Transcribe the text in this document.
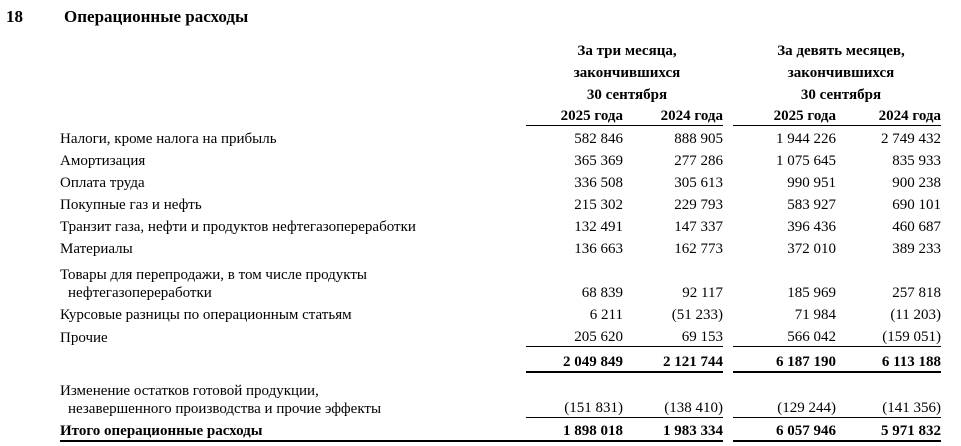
18 Операционные расходы
За три месяца,
закончившихся
30 сентября
За девять месяцев,
закончившихся
30 сентября
	2025 года	2024 года		2025 года	2024 года
Налоги, кроме налога на прибыль	582 846	888 905		1 944 226	2 749 432
Амортизация	365 369	277 286		1 075 645	835 933
Оплата труда	336 508	305 613		990 951	900 238
Покупные газ и нефть	215 302	229 793		583 927	690 101
Транзит газа, нефти и продуктов нефтегазопереработки	132 491	147 337		396 436	460 687
Материалы	136 663	162 773		372 010	389 233

Товары для перепродажи, в том числе продукты
нефтегазопереработки	68 839	92 117		185 969	257 818
Курсовые разницы по операционным статьям	6 211	(51 233)		71 984	(11 203)
Прочие	205 620	69 153		566 042	(159 051)
	2 049 849	2 121 744		6 187 190	6 113 188

Изменение остатков готовой продукции,
незавершенного производства и прочие эффекты	(151 831)	(138 410)		(129 244)	(141 356)
Итого операционные расходы	1 898 018	1 983 334		6 057 946	5 971 832
